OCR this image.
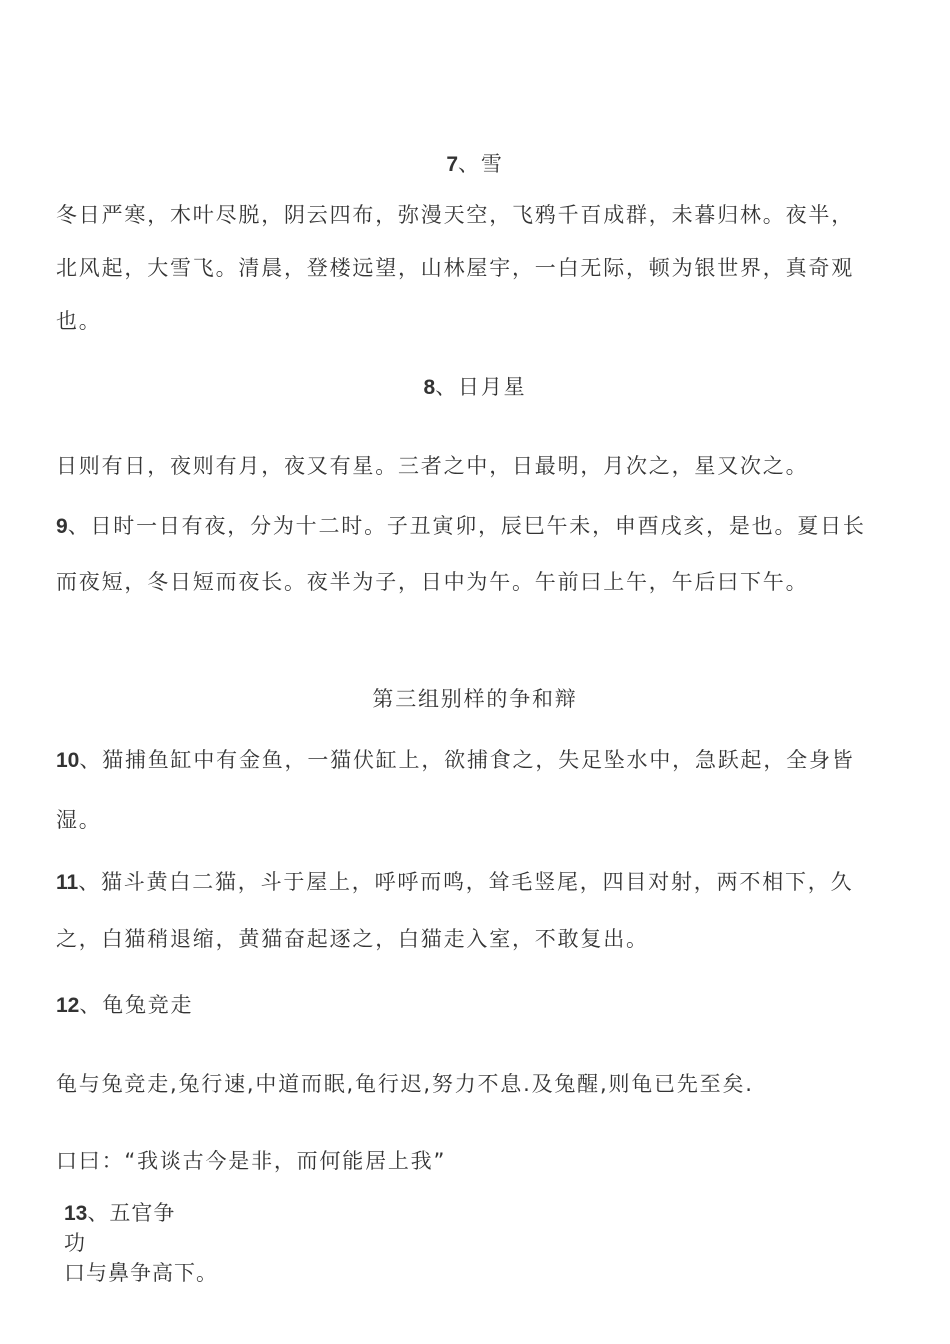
7、雪
冬日严寒，木叶尽脱，阴云四布，弥漫天空，飞鸦千百成群，未暮归林。夜半，
北风起，大雪飞。清晨，登楼远望，山林屋宇，一白无际，顿为银世界，真奇观
也。
8、日月星
日则有日，夜则有月，夜又有星。三者之中，日最明，月次之，星又次之。
9、日时一日有夜，分为十二时。子丑寅卯，辰巳午未，申酉戌亥，是也。夏日长
而夜短，冬日短而夜长。夜半为子，日中为午。午前曰上午，午后曰下午。
第三组别样的争和辩
10、猫捕鱼缸中有金鱼，一猫伏缸上，欲捕食之，失足坠水中，急跃起，全身皆
湿。
11、猫斗黄白二猫，斗于屋上，呼呼而鸣，耸毛竖尾，四目对射，两不相下，久
之，白猫稍退缩，黄猫奋起逐之，白猫走入室，不敢复出。
12、龟兔竞走
龟与兔竞走,兔行速,中道而眠,龟行迟,努力不息.及兔醒,则龟已先至矣.
口曰：“我谈古今是非，而何能居上我”
13、五官争
功
口与鼻争高下。
